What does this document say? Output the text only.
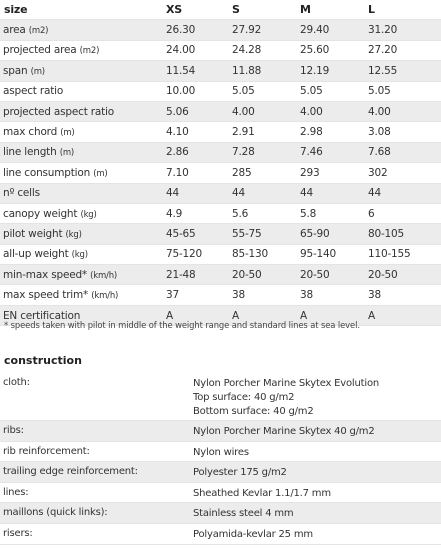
size	XS	S	M	L
area (m2)	26.30	27.92	29.40	31.20
projected area (m2)	24.00	24.28	25.60	27.20
span (m)	11.54	11.88	12.19	12.55
aspect ratio	10.00	5.05	5.05	5.05
projected aspect ratio	5.06	4.00	4.00	4.00
max chord (m)	4.10	2.91	2.98	3.08
line length (m)	2.86	7.28	7.46	7.68
line consumption (m)	7.10	285	293	302
nº cells	44	44	44	44
canopy weight (kg)	4.9	5.6	5.8	6
pilot weight (kg)	45-65	55-75	65-90	80-105
all-up weight (kg)	75-120	85-130	95-140	110-155
min-max speed* (km/h)	21-48	20-50	20-50	20-50
max speed trim* (km/h)	37	38	38	38
EN certification	A	A	A	A
* speeds taken with pilot in middle of the weight range and standard lines at sea level.
construction
cloth:	Nylon Porcher Marine Skytex Evolution
Top surface: 40 g/m2
Bottom surface: 40 g/m2

ribs:	Nylon Porcher Marine Skytex 40 g/m2

rib reinforcement:	Nylon wires

trailing edge reinforcement:	Polyester 175 g/m2

lines:	Sheathed Kevlar 1.1/1.7 mm

maillons (quick links):	Stainless steel 4 mm

risers:	Polyamida-kevlar 25 mm
